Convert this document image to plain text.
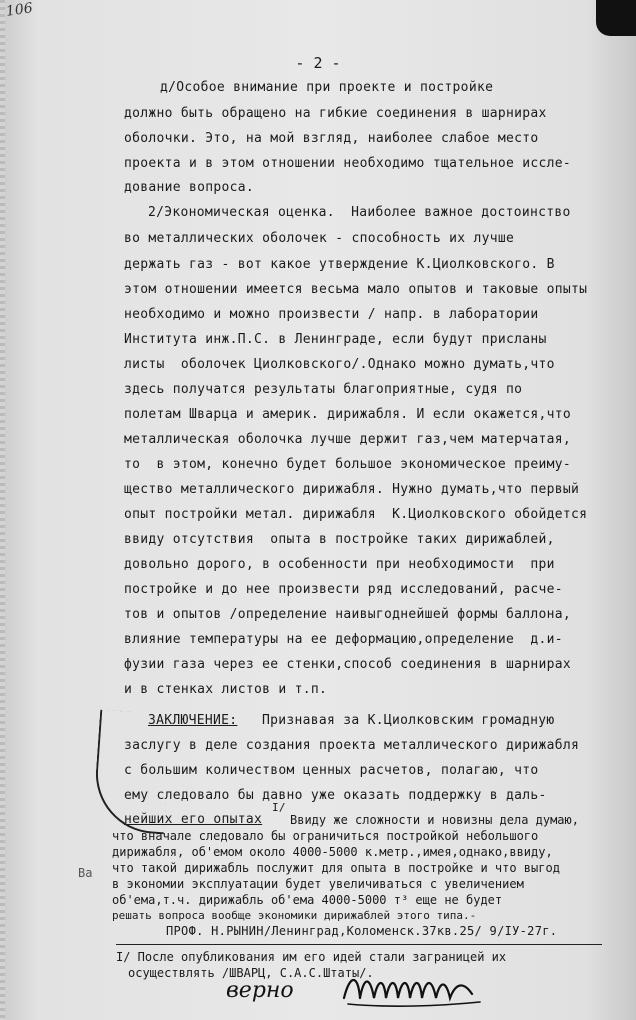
106
- 2 -
д/Особое внимание при проекте и постройке
должно быть обращено на гибкие соединения в шарнирах
оболочки. Это, на мой взгляд, наиболее слабое место
проекта и в этом отношении необходимо тщательное иссле-
дование вопроса.
2/Экономическая оценка.  Наиболее важное достоинство
во металлических оболочек - способность их лучше
держать газ - вот какое утверждение К.Циолковского. В
этом отношении имеется весьма мало опытов и таковые опыты
необходимо и можно произвести / напр. в лаборатории
Института инж.П.С. в Ленинграде, если будут присланы
листы  оболочек Циолковского/.Однако можно думать,что
здесь получатся результаты благоприятные, судя по
полетам Шварца и америк. дирижабля. И если окажется,что
металлическая оболочка лучше держит газ,чем матерчатая,
то  в этом, конечно будет большое экономическое преиму-
щество металлического дирижабля. Нужно думать,что первый
опыт постройки метал. дирижабля  К.Циолковского обойдется
ввиду отсутствия  опыта в постройке таких дирижаблей,
довольно дорого, в особенности при необходимости  при
постройке и до нее произвести ряд исследований, расче-
тов и опытов /определение наивыгоднейшей формы баллона,
влияние температуры на ее деформацию,определение  д.и-
фузии газа через ее стенки,способ соединения в шарнирах
и в стенках листов и т.п.
ЗАКЛЮЧЕНИЕ: Признавая за К.Циолковским громадную
заслугу в деле создания проекта металлического дирижабля
с большим количеством ценных расчетов, полагаю, что
ему следовало бы давно уже оказать поддержку в даль-
нейших его опытах
I/
Ввиду же сложности и новизны дела думаю,
что вначале следовало бы ограничиться постройкой небольшого
дирижабля, об'емом около 4000-5000 к.метр.,имея,однако,ввиду,
что такой дирижабль послужит для опыта в постройке и что выгод
в экономии эксплуатации будет увеличиваться с увеличением
об'ема,т.ч. дирижабль об'ема 4000-5000 т³ еще не будет
решать вопроса вообще экономики дирижаблей этого типа.-
Ва
ПРОФ. Н.РЫНИН/Ленинград,Коломенск.37кв.25/ 9/IУ-27г.
I/ После опубликования им его идей стали заграницей их
осуществлять /ШВАРЦ, С.А.С.Штаты/.
верно
